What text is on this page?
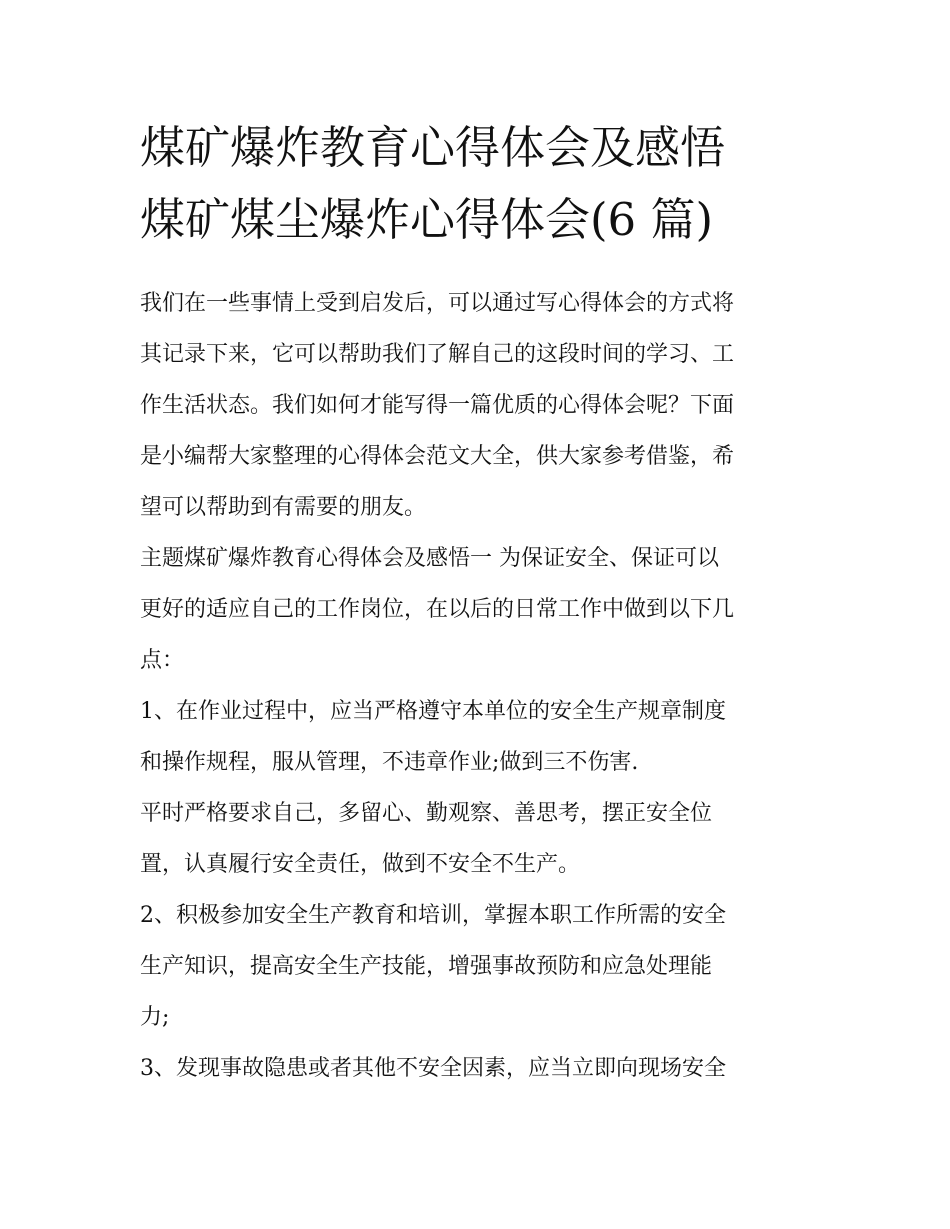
煤矿爆炸教育心得体会及感悟
煤矿煤尘爆炸心得体会(6 篇)

我们在一些事情上受到启发后，可以通过写心得体会的方式将
其记录下来，它可以帮助我们了解自己的这段时间的学习、工
作生活状态。我们如何才能写得一篇优质的心得体会呢？下面
是小编帮大家整理的心得体会范文大全，供大家参考借鉴，希
望可以帮助到有需要的朋友。

主题煤矿爆炸教育心得体会及感悟一 为保证安全、保证可以
更好的适应自己的工作岗位，在以后的日常工作中做到以下几
点：

1、在作业过程中，应当严格遵守本单位的安全生产规章制度
和操作规程，服从管理，不违章作业;做到三不伤害.

平时严格要求自己，多留心、勤观察、善思考，摆正安全位
置，认真履行安全责任，做到不安全不生产。

2、积极参加安全生产教育和培训，掌握本职工作所需的安全
生产知识，提高安全生产技能，增强事故预防和应急处理能
力;

3、发现事故隐患或者其他不安全因素，应当立即向现场安全
